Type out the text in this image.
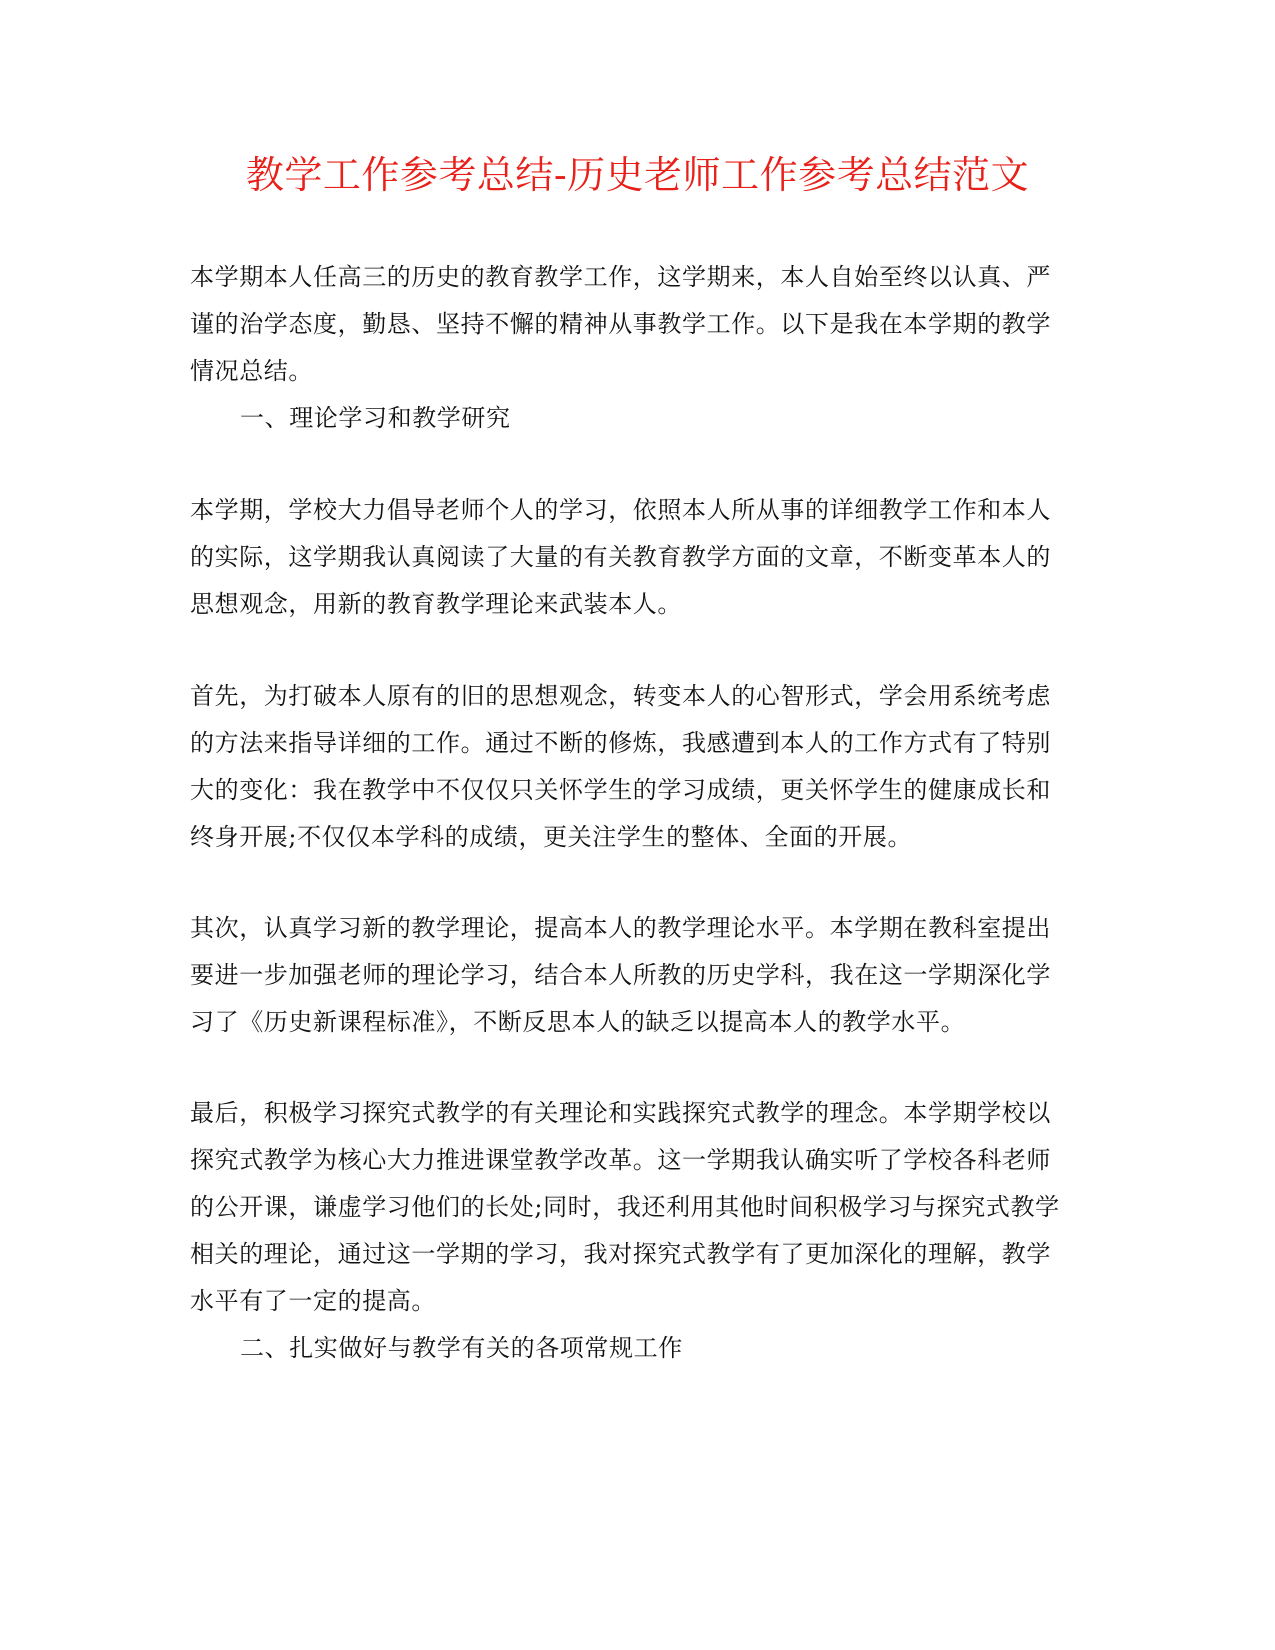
教学工作参考总结-历史老师工作参考总结范文
本学期本人任高三的历史的教育教学工作，这学期来，本人自始至终以认真、严
谨的治学态度，勤恳、坚持不懈的精神从事教学工作。以下是我在本学期的教学
情况总结。
一、理论学习和教学研究
本学期，学校大力倡导老师个人的学习，依照本人所从事的详细教学工作和本人
的实际，这学期我认真阅读了大量的有关教育教学方面的文章，不断变革本人的
思想观念，用新的教育教学理论来武装本人。
首先，为打破本人原有的旧的思想观念，转变本人的心智形式，学会用系统考虑
的方法来指导详细的工作。通过不断的修炼，我感遭到本人的工作方式有了特别
大的变化：我在教学中不仅仅只关怀学生的学习成绩，更关怀学生的健康成长和
终身开展;不仅仅本学科的成绩，更关注学生的整体、全面的开展。
其次，认真学习新的教学理论，提高本人的教学理论水平。本学期在教科室提出
要进一步加强老师的理论学习，结合本人所教的历史学科，我在这一学期深化学
习了《历史新课程标准》，不断反思本人的缺乏以提高本人的教学水平。
最后，积极学习探究式教学的有关理论和实践探究式教学的理念。本学期学校以
探究式教学为核心大力推进课堂教学改革。这一学期我认确实听了学校各科老师
的公开课，谦虚学习他们的长处;同时，我还利用其他时间积极学习与探究式教学
相关的理论，通过这一学期的学习，我对探究式教学有了更加深化的理解，教学
水平有了一定的提高。
二、扎实做好与教学有关的各项常规工作
